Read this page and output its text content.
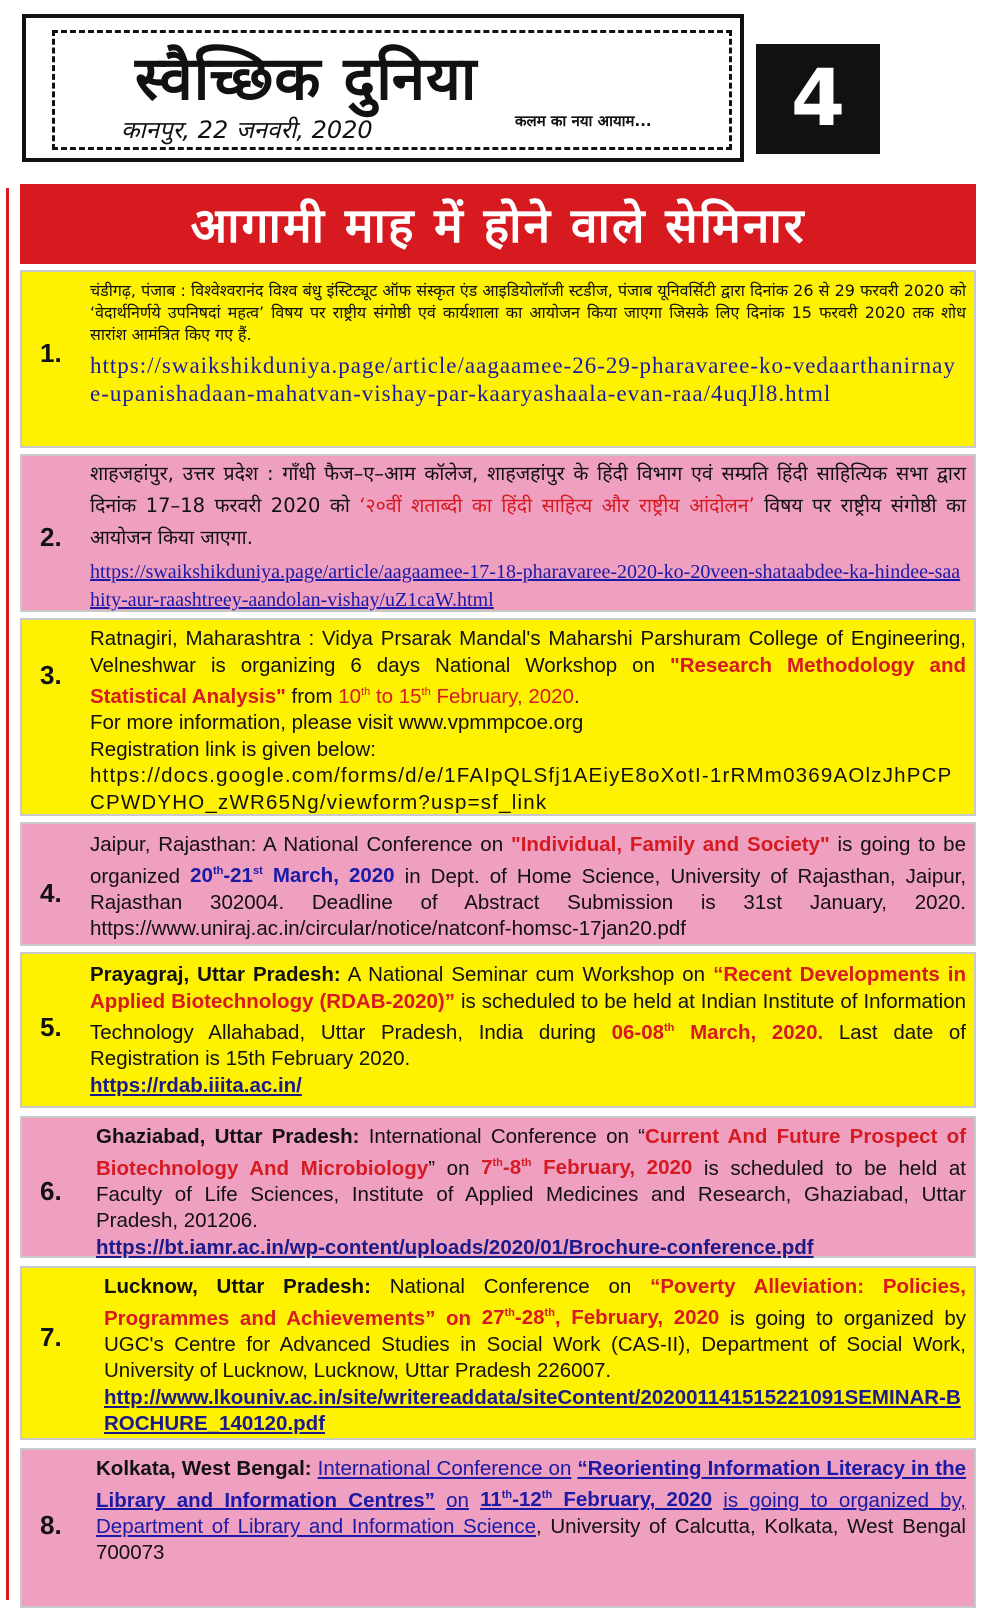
स्वैच्छिक दुनिया
कानपुर, 22 जनवरी, 2020	कलम का नया आयाम...	4
आगामी माह में होने वाले सेमिनार
1.
चंडीगढ़, पंजाब : विश्वेश्वरानंद विश्व बंधु इंस्टिट्यूट ऑफ संस्कृत एंड आइडियोलॉजी स्टडीज, पंजाब यूनिवर्सिटी द्वारा दिनांक 26 से 29 फरवरी 2020 को ‘वेदार्थनिर्णये उपनिषदां महत्व’ विषय पर राष्ट्रीय संगोष्ठी एवं कार्यशाला का आयोजन किया जाएगा जिसके लिए दिनांक 15 फरवरी 2020 तक शोध सारांश आमंत्रित किए गए हैं.
https://swaikshikduniya.page/article/aagaamee-26-29-pharavaree-ko-vedaarthanirnaye-upanishadaan-mahatvan-vishay-par-kaaryashaala-evan-raa/4uqJl8.html
2.
शाहजहांपुर, उत्तर प्रदेश : गाँधी फैज–ए–आम कॉलेज, शाहजहांपुर के हिंदी विभाग एवं सम्प्रति हिंदी साहित्यिक सभा द्वारा दिनांक 17–18 फरवरी 2020 को ‘२०वीं शताब्दी का हिंदी साहित्य और राष्ट्रीय आंदोलन’ विषय पर राष्ट्रीय संगोष्ठी का आयोजन किया जाएगा.
https://swaikshikduniya.page/article/aagaamee-17-18-pharavaree-2020-ko-20veen-shataabdee-ka-hindee-saahity-aur-raashtreey-aandolan-vishay/uZ1caW.html
3.
Ratnagiri, Maharashtra : Vidya Prsarak Mandal's Maharshi Parshuram College of Engineering, Velneshwar is organizing 6 days National Workshop on "Research Methodology and Statistical Analysis" from 10th to 15th February, 2020.
For more information, please visit www.vpmmpcoe.org
Registration link is given below:
https://docs.google.com/forms/d/e/1FAIpQLSfj1AEiyE8oXotI-1rRMm0369AOlzJhPCPCPWDYHO_zWR65Ng/viewform?usp=sf_link
4.
Jaipur, Rajasthan: A National Conference on "Individual, Family and Society" is going to be organized 20th-21st March, 2020 in Dept. of Home Science, University of Rajasthan, Jaipur, Rajasthan 302004. Deadline of Abstract Submission is 31st January, 2020. https://www.uniraj.ac.in/circular/notice/natconf-homsc-17jan20.pdf
5.
Prayagraj, Uttar Pradesh: A National Seminar cum Workshop on “Recent Developments in Applied Biotechnology (RDAB-2020)” is scheduled to be held at Indian Institute of Information Technology Allahabad, Uttar Pradesh, India during 06-08th March, 2020. Last date of Registration is 15th February 2020.
https://rdab.iiita.ac.in/
6.
Ghaziabad, Uttar Pradesh: International Conference on “Current And Future Prospect of Biotechnology And Microbiology” on 7th-8th February, 2020 is scheduled to be held at Faculty of Life Sciences, Institute of Applied Medicines and Research, Ghaziabad, Uttar Pradesh, 201206.
https://bt.iamr.ac.in/wp-content/uploads/2020/01/Brochure-conference.pdf
7.
Lucknow, Uttar Pradesh: National Conference on “Poverty Alleviation: Policies, Programmes and Achievements” on 27th-28th, February, 2020 is going to organized by UGC's Centre for Advanced Studies in Social Work (CAS-II), Department of Social Work, University of Lucknow, Lucknow, Uttar Pradesh 226007.
http://www.lkouniv.ac.in/site/writereaddata/siteContent/202001141515221091SEMINAR-BROCHURE_140120.pdf
8.
Kolkata, West Bengal: International Conference on “Reorienting Information Literacy in the Library and Information Centres” on 11th-12th February, 2020 is going to organized by, Department of Library and Information Science, University of Calcutta, Kolkata, West Bengal 700073
